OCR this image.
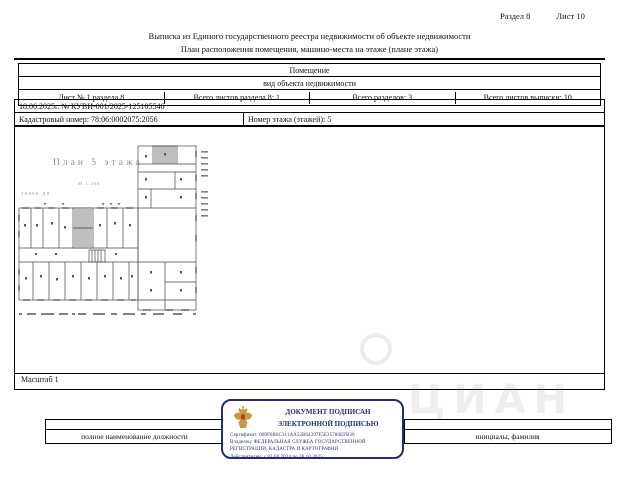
Раздел 8	Лист 10
Выписка из Единого государственного реестра недвижимости об объекте недвижимости
План расположения помещения, машино-места на этаже (плане этажа)
Помещение
вид объекта недвижимости
Лист № 1 раздела 8	Всего листов раздела 8: 1	Всего разделов: 3	Всего листов выписки: 10
18.06.2025г. № КУВИ-001/2025-125105546
Кадастровый номер: 78:06:0002075:2056	Номер этажа (этажей): 5
План 5 этажа
М 1:200
16866 А8
Масштаб 1	ЦИАН
полное наименование должности	инициалы, фамилия
ДОКУМЕНТ ПОДПИСАН
ЭЛЕКТРОННОЙ ПОДПИСЬЮ
Сертификат: 009F0B6C311AA53B64397F5E25700EFB38
Владелец: ФЕДЕРАЛЬНАЯ СЛУЖБА ГОСУДАРСТВЕННОЙ
РЕГИСТРАЦИИ, КАДАСТРА И КАРТОГРАФИИ
Действителен: с 02.08.2024 по 26.10.2025
